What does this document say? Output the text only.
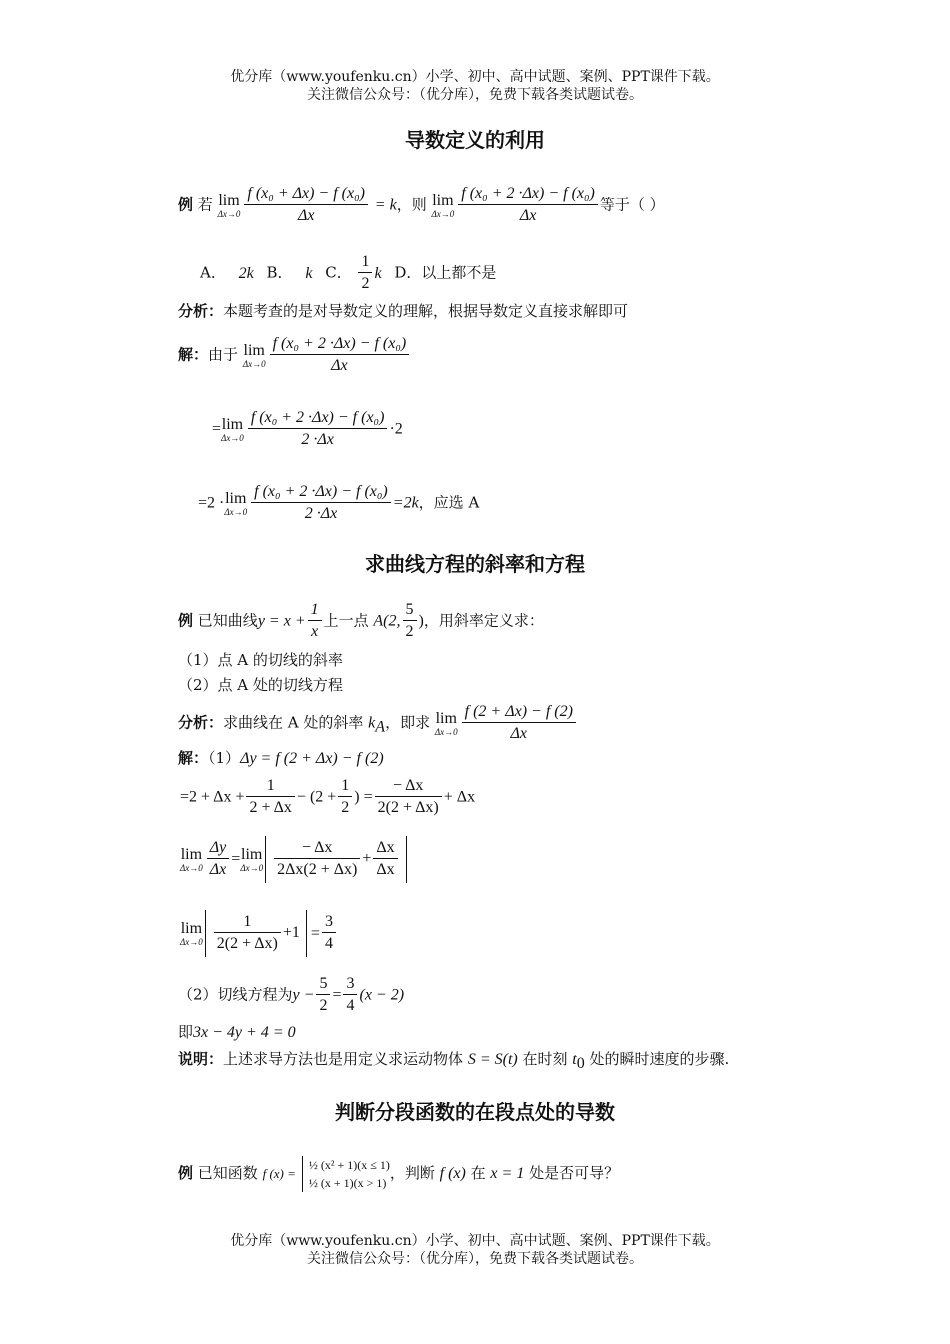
优分库（www.youfenku.cn）小学、初中、高中试题、案例、PPT课件下载。
关注微信公众号：（优分库），免费下载各类试题试卷。
导数定义的利用
例 若 lim
$\Delta x\to 0 \frac{\text{f (x₀ + Δx) − f (x₀)}}{\Delta x} = k$，则 lim
$\Delta x\to 0 \frac{\text{f (x₀ + 2 ·Δx) − f (x₀)}}{\Delta x}$ 等于（ ）
A． 2k B． k C． $\frac{1}{2}$ k D．以上都不是
分析：本题考查的是对导数定义的理解，根据导数定义直接求解即可
解：由于 lim
$\Delta x\to 0 \frac{\text{f (x₀ + 2 ·Δx) − f (x₀)}}{\Delta x}$
= lim
$\Delta x\to 0 \frac{\text{f (x₀ + 2 ·Δx) − f (x₀)}}{2 \cdot\Delta x} \cdot 2$
=2 · lim
$\Delta x\to 0 \frac{\text{f (x₀ + 2 ·Δx) − f (x₀)}}{2 \cdot\Delta x} =2k$，应选 A
求曲线方程的斜率和方程
例 已知曲线$y = x + \frac{1}{x}$ 上一点 A(2, $\frac{5}{2}$ )，用斜率定义求：
（1）点 A 的切线的斜率
（2）点 A 处的切线方程
分析：求曲线在 A 处的斜率 $k_A$，即求 lim
$\Delta x\to 0 \frac{f (2 + \Delta x) - f (2)}{\Delta x}$
解：（1）Δy = f (2 + Δx) − f (2)
$=2 + \Delta x + \frac{1}{2 + \Delta x} - (2 + \frac{1}{2}$ ) = $\frac{- \Delta x}{2(2 + \Delta x)} + \Delta x$
lim
$\Delta x\to 0 \frac{\Delta y}{\Delta x} = \lim$
$\Delta x\to 0 \frac{- \Delta x}{2\Delta x(2 + \Delta x)} + \frac{\Delta x}{\Delta x}$
lim
$\Delta x\to 0 \frac{1}{2(2 + \Delta x)} +1 = \frac{3}{4}$
（2）切线方程为$y - \frac{5}{2} = \frac{3}{4} (x - 2)$
即3x − 4y + 4 = 0
说明：上述求导方法也是用定义求运动物体 S = S(t) 在时刻 $t_0$ 处的瞬时速度的步骤.
判断分段函数的在段点处的导数
例 已知函数 f (x) =
½ (x² + 1)(x ≤ 1)
½ (x + 1)(x > 1)
，判断 f (x) 在 x = 1 处是否可导？
优分库（www.youfenku.cn）小学、初中、高中试题、案例、PPT课件下载。
关注微信公众号：（优分库），免费下载各类试题试卷。
